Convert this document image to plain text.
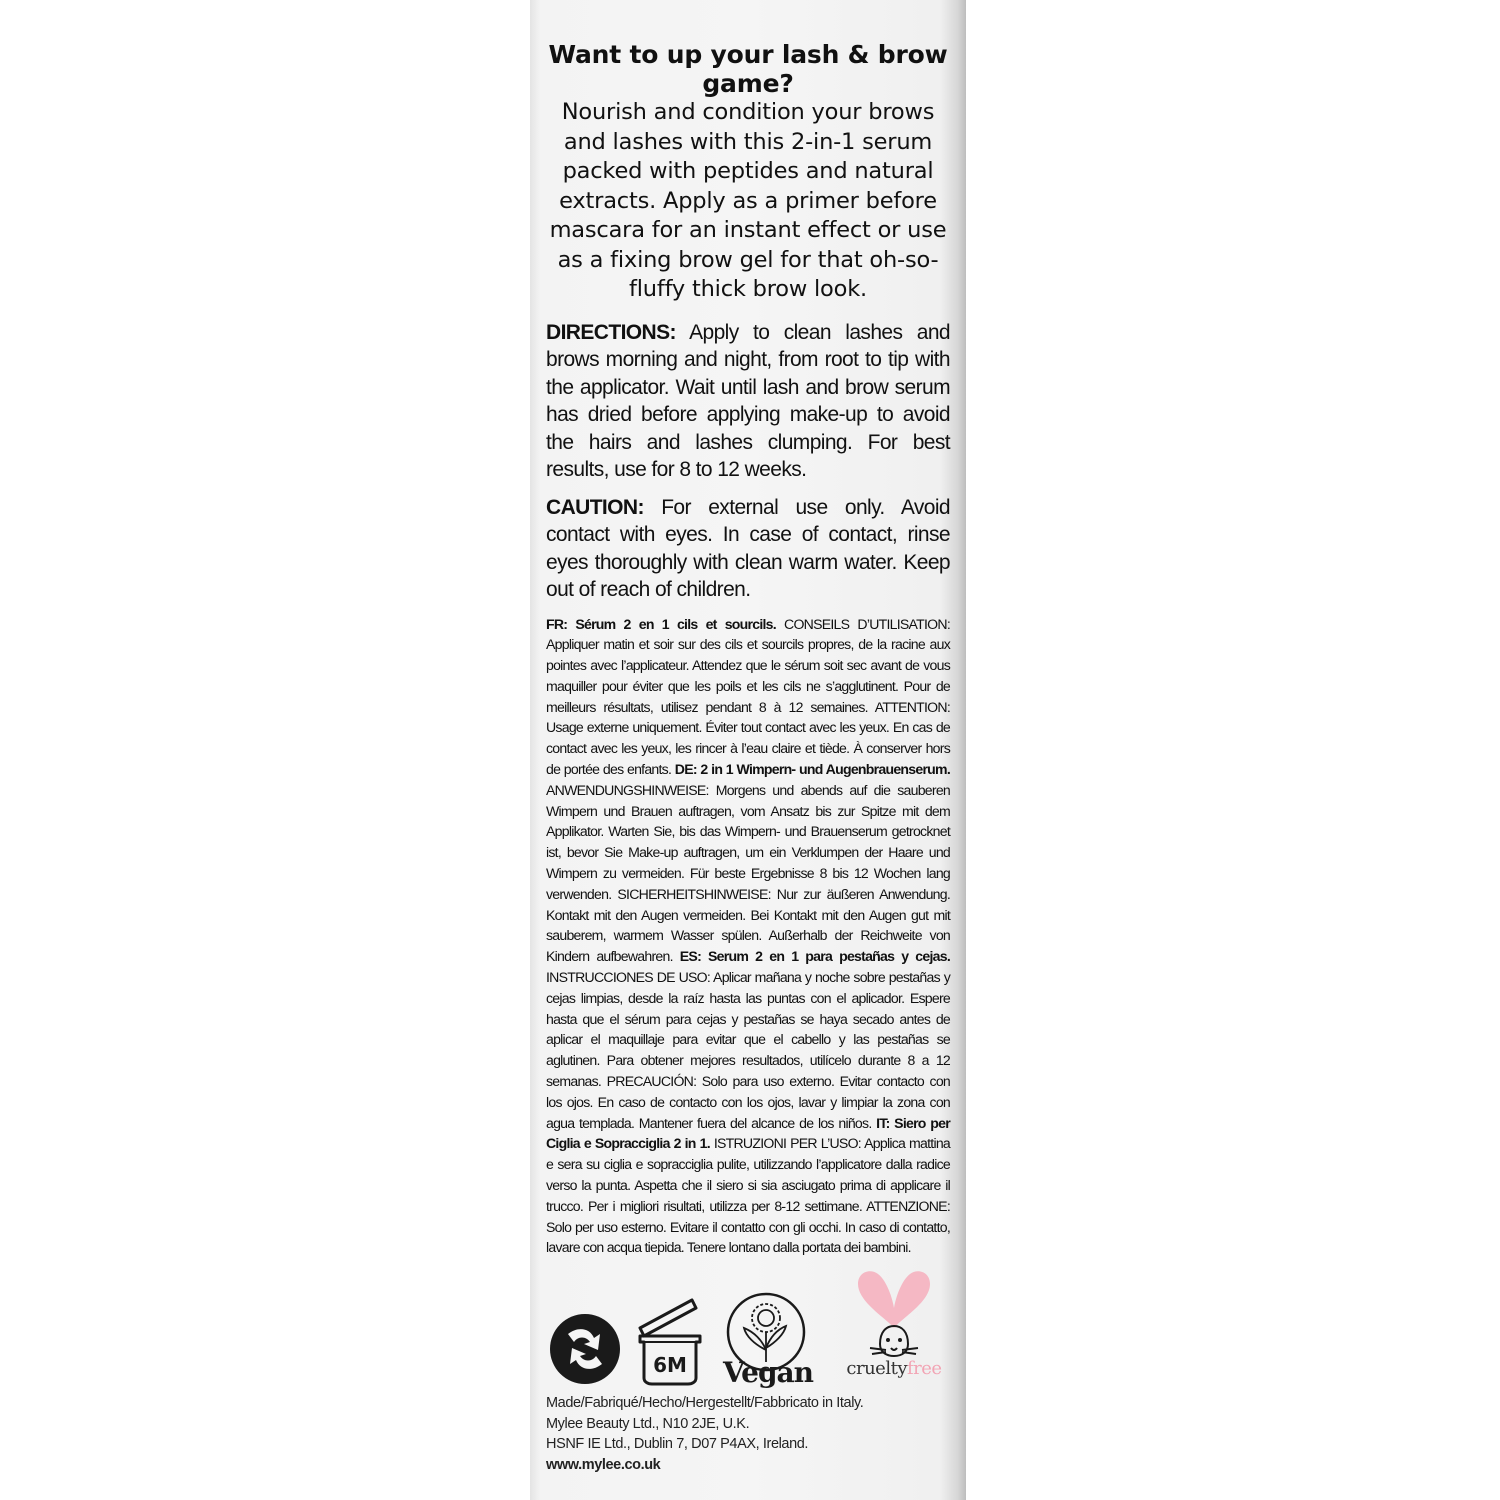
Want to up your lash & brow game?

Nourish and condition your brows and lashes with this 2-in-1 serum packed with peptides and natural extracts. Apply as a primer before mascara for an instant effect or use as a fixing brow gel for that oh-so-fluffy thick brow look.

DIRECTIONS: Apply to clean lashes and brows morning and night, from root to tip with the applicator. Wait until lash and brow serum has dried before applying make-up to avoid the hairs and lashes clumping. For best results, use for 8 to 12 weeks.

CAUTION: For external use only. Avoid contact with eyes. In case of contact, rinse eyes thoroughly with clean warm water. Keep out of reach of children.

FR: Sérum 2 en 1 cils et sourcils. CONSEILS D’UTILISATION: Appliquer matin et soir sur des cils et sourcils propres, de la racine aux pointes avec l’applicateur. Attendez que le sérum soit sec avant de vous maquiller pour éviter que les poils et les cils ne s’agglutinent. Pour de meilleurs résultats, utilisez pendant 8 à 12 semaines. ATTENTION: Usage externe uniquement. Éviter tout contact avec les yeux. En cas de contact avec les yeux, les rincer à l’eau claire et tiède. À conserver hors de portée des enfants. DE: 2 in 1 Wimpern- und Augenbrauenserum. ANWENDUNGSHINWEISE: Morgens und abends auf die sauberen Wimpern und Brauen auftragen, vom Ansatz bis zur Spitze mit dem Applikator. Warten Sie, bis das Wimpern- und Brauenserum getrocknet ist, bevor Sie Make-up auftragen, um ein Verklumpen der Haare und Wimpern zu vermeiden. Für beste Ergebnisse 8 bis 12 Wochen lang verwenden. SICHERHEITSHINWEISE: Nur zur äußeren Anwendung. Kontakt mit den Augen vermeiden. Bei Kontakt mit den Augen gut mit sauberem, warmem Wasser spülen. Außerhalb der Reichweite von Kindern aufbewahren. ES: Serum 2 en 1 para pestañas y cejas. INSTRUCCIONES DE USO: Aplicar mañana y noche sobre pestañas y cejas limpias, desde la raíz hasta las puntas con el aplicador. Espere hasta que el sérum para cejas y pestañas se haya secado antes de aplicar el maquillaje para evitar que el cabello y las pestañas se aglutinen. Para obtener mejores resultados, utilícelo durante 8 a 12 semanas. PRECAUCIÓN: Solo para uso externo. Evitar contacto con los ojos. En caso de contacto con los ojos, lavar y limpiar la zona con agua templada. Mantener fuera del alcance de los niños. IT: Siero per Ciglia e Sopracciglia 2 in 1. ISTRUZIONI PER L’USO: Applica mattina e sera su ciglia e sopracciglia pulite, utilizzando l’applicatore dalla radice verso la punta. Aspetta che il siero si sia asciugato prima di applicare il trucco. Per i migliori risultati, utilizza per 8-12 settimane. ATTENZIONE: Solo per uso esterno. Evitare il contatto con gli occhi. In caso di contatto, lavare con acqua tiepida. Tenere lontano dalla portata dei bambini.

6M Vegan crueltyfree
Made/Fabriqué/Hecho/Hergestellt/Fabbricato in Italy.
Mylee Beauty Ltd., N10 2JE, U.K.
HSNF IE Ltd., Dublin 7, D07 P4AX, Ireland.
www.mylee.co.uk
